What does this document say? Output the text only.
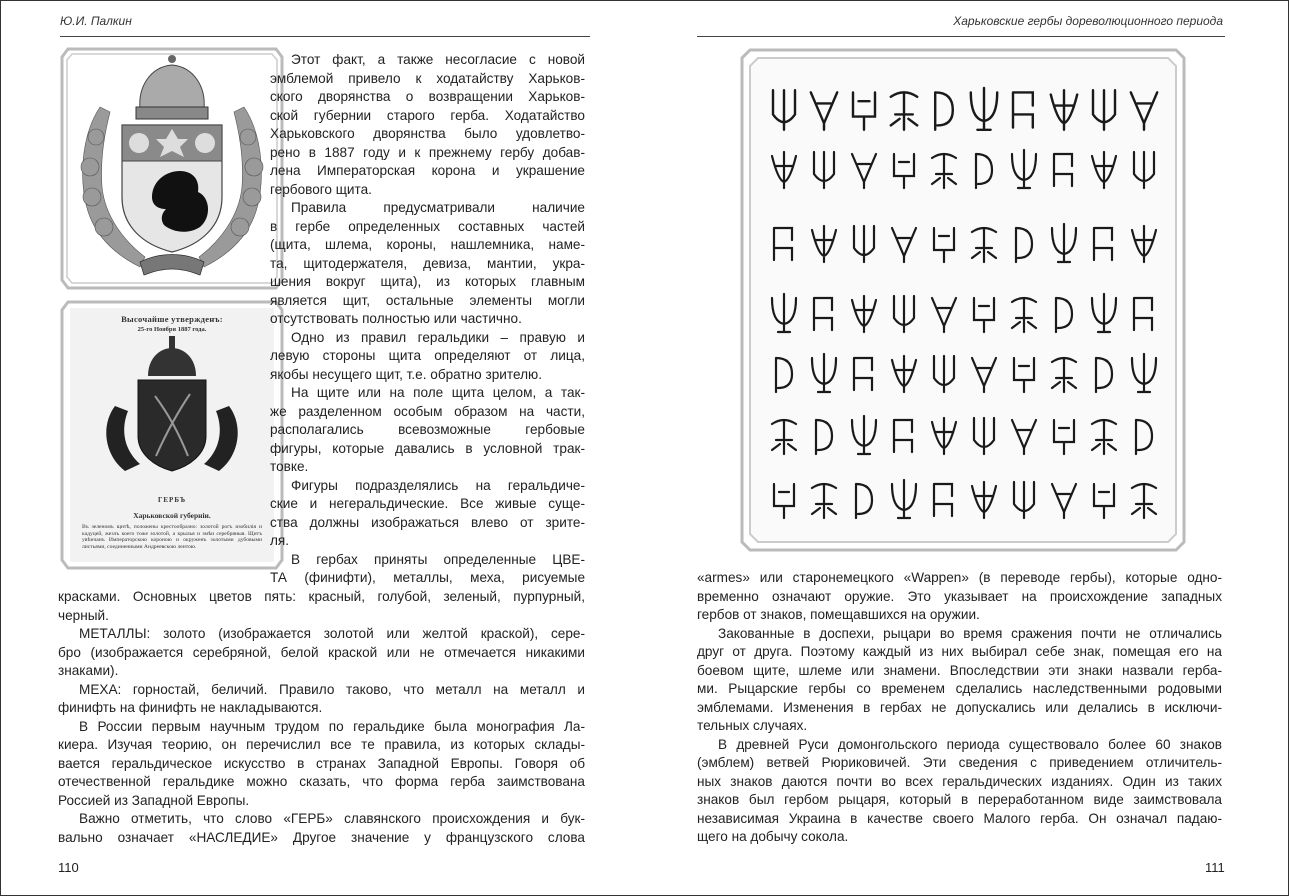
Ю.И. Палкин
Высочайше утвержденъ:
25-го Ноября 1887 года.
ГЕРБЪ
Харьковской губернiи.
Въ зеленомъ щитѣ, положены крестообразно: золотой рогъ изобилія и кадуцей, жезлъ коего тоже золотой, а крылья и змѣи серебряныя. Щитъ увѣнчанъ Императорскою короною и окруженъ золотыми дубовыми листьями, соединенными Андреевскою лентою.
Этот факт, а также несогласие с новой
эмблемой привело к ходатайству Харьков-
ского дворянства о возвращении Харьков-
ской губернии старого герба. Ходатайство
Харьковского дворянства было удовлетво-
рено в 1887 году и к прежнему гербу добав-
лена Императорская корона и украшение
гербового щита.
Правила предусматривали наличие
в гербе определенных составных частей
(щита, шлема, короны, нашлемника, наме-
та, щитодержателя, девиза, мантии, укра-
шения вокруг щита), из которых главным
является щит, остальные элементы могли
отсутствовать полностью или частично.
Одно из правил геральдики – правую и
левую стороны щита определяют от лица,
якобы несущего щит, т.е. обратно зрителю.
На щите или на поле щита целом, а так-
же разделенном особым образом на части,
располагались всевозможные гербовые
фигуры, которые давались в условной трак-
товке.
Фигуры подразделялись на геральдиче-
ские и негеральдические. Все живые суще-
ства должны изображаться влево от зрите-
ля.
В гербах приняты определенные ЦВЕ-
ТА (финифти), металлы, меха, рисуемые
красками. Основных цветов пять: красный, голубой, зеленый, пурпурный,
черный.
МЕТАЛЛЫ: золото (изображается золотой или желтой краской), сере-
бро (изображается серебряной, белой краской или не отмечается никакими
знаками).
МЕХА: горностай, беличий. Правило таково, что металл на металл и
финифть на финифть не накладываются.
В России первым научным трудом по геральдике была монография Ла-
киера. Изучая теорию, он перечислил все те правила, из которых склады-
вается геральдическое искусство в странах Западной Европы. Говоря об
отечественной геральдике можно сказать, что форма герба заимствована
Россией из Западной Европы.
Важно отметить, что слово «ГЕРБ» славянского происхождения и бук-
вально означает «НАСЛЕДИЕ» Другое значение у французского слова
110
Харьковские гербы дореволюционного периода
«armes» или старонемецкого «Wappen» (в переводе гербы), которые одно-
временно означают оружие. Это указывает на происхождение западных
гербов от знаков, помещавшихся на оружии.
Закованные в доспехи, рыцари во время сражения почти не отличались
друг от друга. Поэтому каждый из них выбирал себе знак, помещая его на
боевом щите, шлеме или знамени. Впоследствии эти знаки назвали герба-
ми. Рыцарские гербы со временем сделались наследственными родовыми
эмблемами. Изменения в гербах не допускались или делались в исключи-
тельных случаях.
В древней Руси домонгольского периода существовало более 60 знаков
(эмблем) ветвей Рюриковичей. Эти сведения с приведением отличитель-
ных знаков даются почти во всех геральдических изданиях. Один из таких
знаков был гербом рыцаря, который в переработанном виде заимствовала
независимая Украина в качестве своего Малого герба. Он означал падаю-
щего на добычу сокола.
111
